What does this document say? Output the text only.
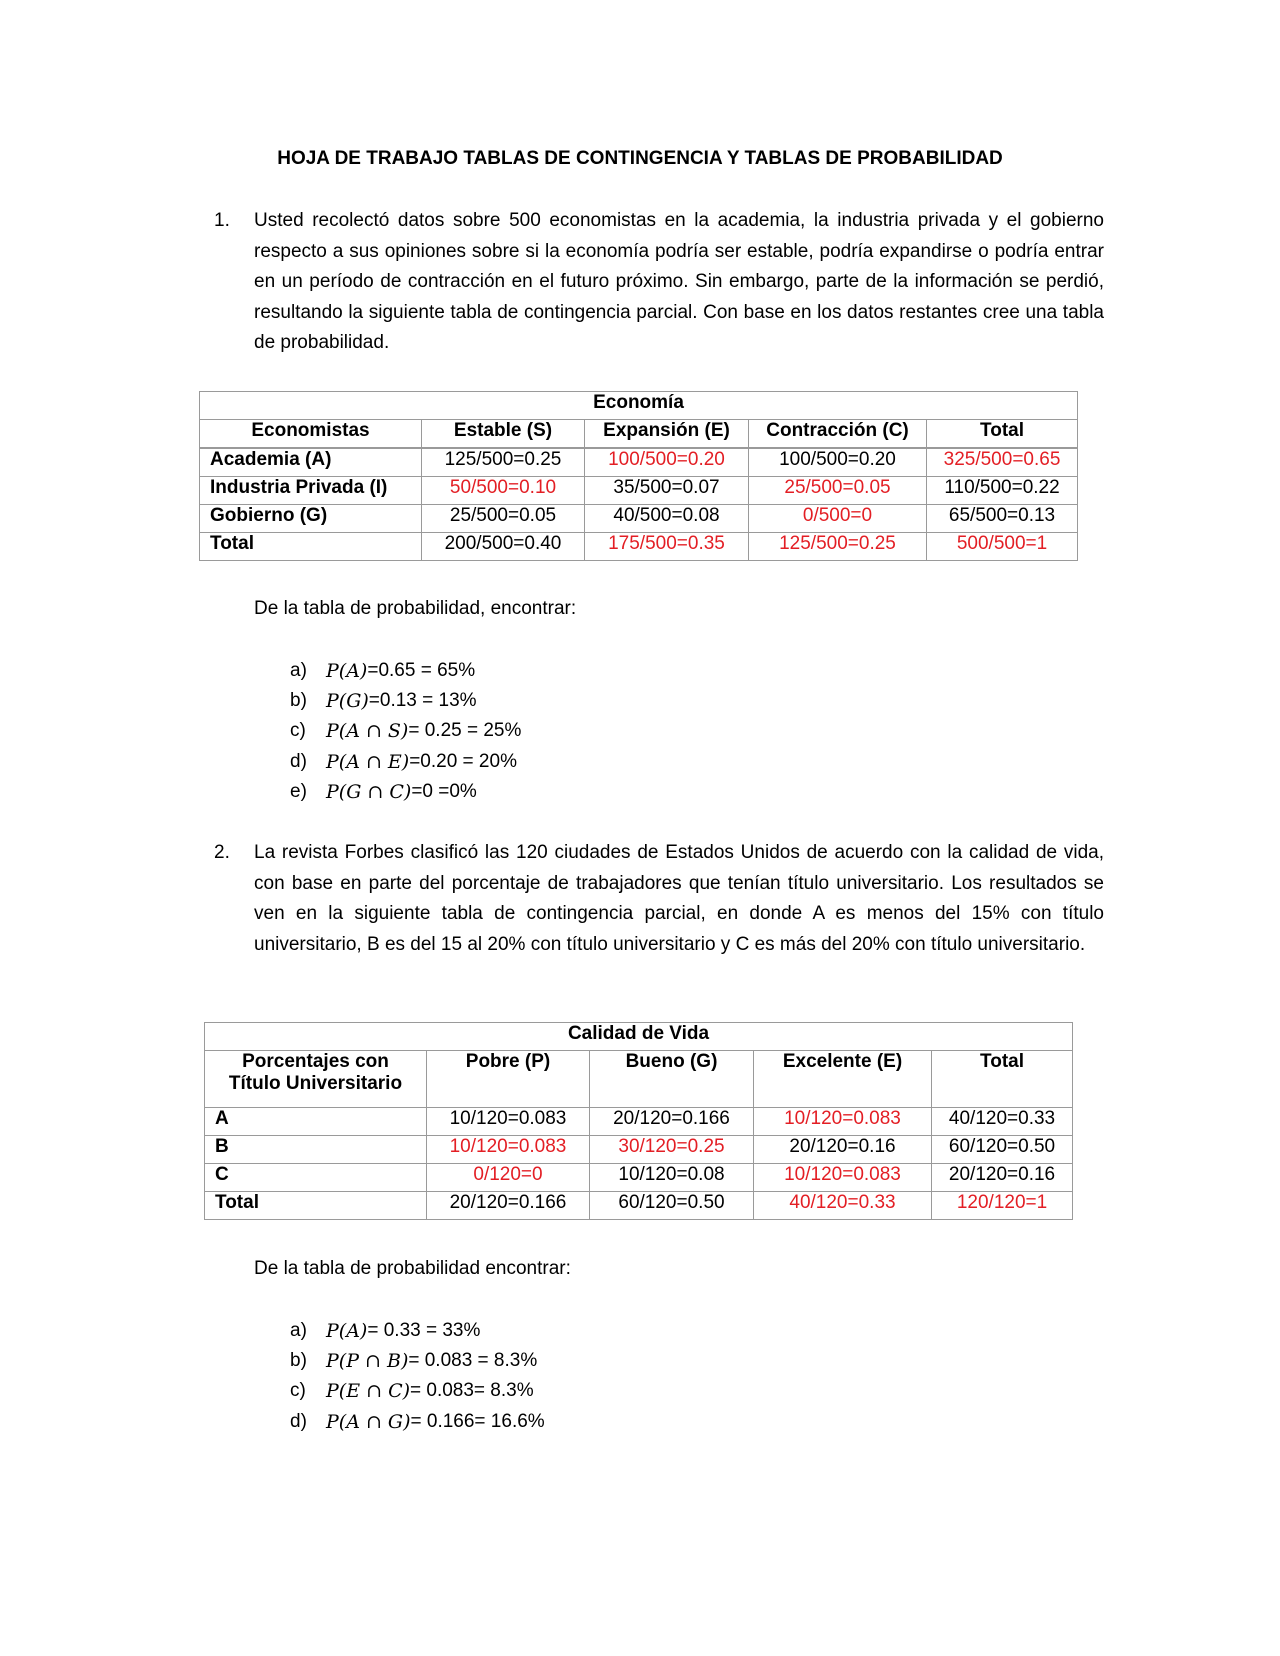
HOJA DE TRABAJO TABLAS DE CONTINGENCIA Y TABLAS DE PROBABILIDAD
1. Usted recolectó datos sobre 500 economistas en la academia, la industria privada y el gobierno respecto a sus opiniones sobre si la economía podría ser estable, podría expandirse o podría entrar en un período de contracción en el futuro próximo. Sin embargo, parte de la información se perdió, resultando la siguiente tabla de contingencia parcial. Con base en los datos restantes cree una tabla de probabilidad.
Economía				
Economistas	Estable (S)	Expansión (E)	Contracción (C)	Total
Academia (A)	125/500=0.25	100/500=0.20	100/500=0.20	325/500=0.65
Industria Privada (I)	50/500=0.10	35/500=0.07	25/500=0.05	110/500=0.22
Gobierno (G)	25/500=0.05	40/500=0.08	0/500=0	65/500=0.13
Total	200/500=0.40	175/500=0.35	125/500=0.25	500/500=1
De la tabla de probabilidad, encontrar:
a)	P(A) =0.65 = 65%
b)	P(G) =0.13 = 13%
c)	P(A ∩ S) = 0.25 = 25%
d)	P(A ∩ E) =0.20 = 20%
e)	P(G ∩ C) =0 =0%
2. La revista Forbes clasificó las 120 ciudades de Estados Unidos de acuerdo con la calidad de vida, con base en parte del porcentaje de trabajadores que tenían título universitario. Los resultados se ven en la siguiente tabla de contingencia parcial, en donde A es menos del 15% con título universitario, B es del 15 al 20% con título universitario y C es más del 20% con título universitario.
Calidad de Vida				

Porcentajes con
Título Universitario	Pobre (P)	Bueno (G)	Excelente (E)	Total
A	10/120=0.083	20/120=0.166	10/120=0.083	40/120=0.33
B	10/120=0.083	30/120=0.25	20/120=0.16	60/120=0.50
C	0/120=0	10/120=0.08	10/120=0.083	20/120=0.16
Total	20/120=0.166	60/120=0.50	40/120=0.33	120/120=1
De la tabla de probabilidad encontrar:
a)	P(A) = 0.33 = 33%
b)	P(P ∩ B) = 0.083 = 8.3%
c)	P(E ∩ C) = 0.083= 8.3%
d)	P(A ∩ G) = 0.166= 16.6%
